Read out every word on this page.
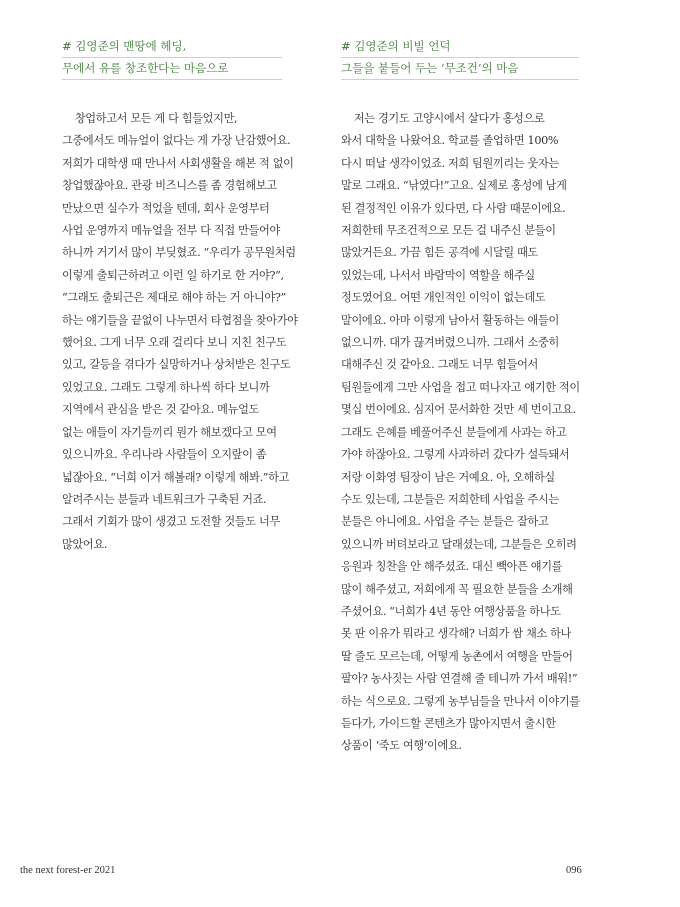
# 김영준의 맨땅에 헤딩,
무에서 유를 창조한다는 마음으로
창업하고서 모든 게 다 힘들었지만,
그중에서도 메뉴얼이 없다는 게 가장 난감했어요.
저희가 대학생 때 만나서 사회생활을 해본 적 없이
창업했잖아요. 관광 비즈니스를 좀 경험해보고
만났으면 실수가 적었을 텐데, 회사 운영부터
사업 운영까지 메뉴얼을 전부 다 직접 만들어야
하니까 거기서 많이 부딪혔죠. “우리가 공무원처럼
이렇게 출퇴근하려고 이런 일 하기로 한 거야?”,
“그래도 출퇴근은 제대로 해야 하는 거 아니야?”
하는 얘기들을 끝없이 나누면서 타협점을 찾아가야
했어요. 그게 너무 오래 걸리다 보니 지친 친구도
있고, 갈등을 겪다가 실망하거나 상처받은 친구도
있었고요. 그래도 그렇게 하나씩 하다 보니까
지역에서 관심을 받은 것 같아요. 메뉴얼도
없는 애들이 자기들끼리 뭔가 해보겠다고 모여
있으니까요. 우리나라 사람들이 오지랖이 좀
넓잖아요. “너희 이거 해볼래? 이렇게 해봐.”하고
알려주시는 분들과 네트워크가 구축된 거죠.
그래서 기회가 많이 생겼고 도전할 것들도 너무
많았어요.
# 김영준의 비빌 언덕
그들을 붙들어 두는 ‘무조건’의 마음
저는 경기도 고양시에서 살다가 홍성으로
와서 대학을 나왔어요. 학교를 졸업하면 100%
다시 떠날 생각이었죠. 저희 팀원끼리는 웃자는
말로 그래요. “낚였다!”고요. 실제로 홍성에 남게
된 결정적인 이유가 있다면, 다 사람 때문이에요.
저희한테 무조건적으로 모든 걸 내주신 분들이
많았거든요. 가끔 힘든 공격에 시달릴 때도
있었는데, 나서서 바람막이 역할을 해주실
정도였어요. 어떤 개인적인 이익이 없는데도
말이에요. 아마 이렇게 남아서 활동하는 애들이
없으니까. 대가 끊겨버렸으니까. 그래서 소중히
대해주신 것 같아요. 그래도 너무 힘들어서
팀원들에게 그만 사업을 접고 떠나자고 얘기한 적이
몇십 번이에요. 심지어 문서화한 것만 세 번이고요.
그래도 은혜를 베풀어주신 분들에게 사과는 하고
가야 하잖아요. 그렇게 사과하러 갔다가 설득돼서
저랑 이화영 팀장이 남은 거예요. 아, 오해하실
수도 있는데, 그분들은 저희한테 사업을 주시는
분들은 아니에요. 사업을 주는 분들은 잘하고
있으니까 버텨보라고 달래셨는데, 그분들은 오히려
응원과 칭찬을 안 해주셨죠. 대신 빽아픈 얘기를
많이 해주셨고, 저희에게 꼭 필요한 분들을 소개해
주셨어요. “너희가 4년 동안 여행상품을 하나도
못 판 이유가 뭐라고 생각해? 너희가 쌈 채소 하나
딸 줄도 모르는데, 어떻게 농촌에서 여행을 만들어
팔아? 농사짓는 사람 연결해 줄 테니까 가서 배워!”
하는 식으로요. 그렇게 농부님들을 만나서 이야기를
듣다가, 가이드할 콘텐츠가 많아지면서 출시한
상품이 ‘죽도 여행’이에요.
the next forest-er 2021	096
